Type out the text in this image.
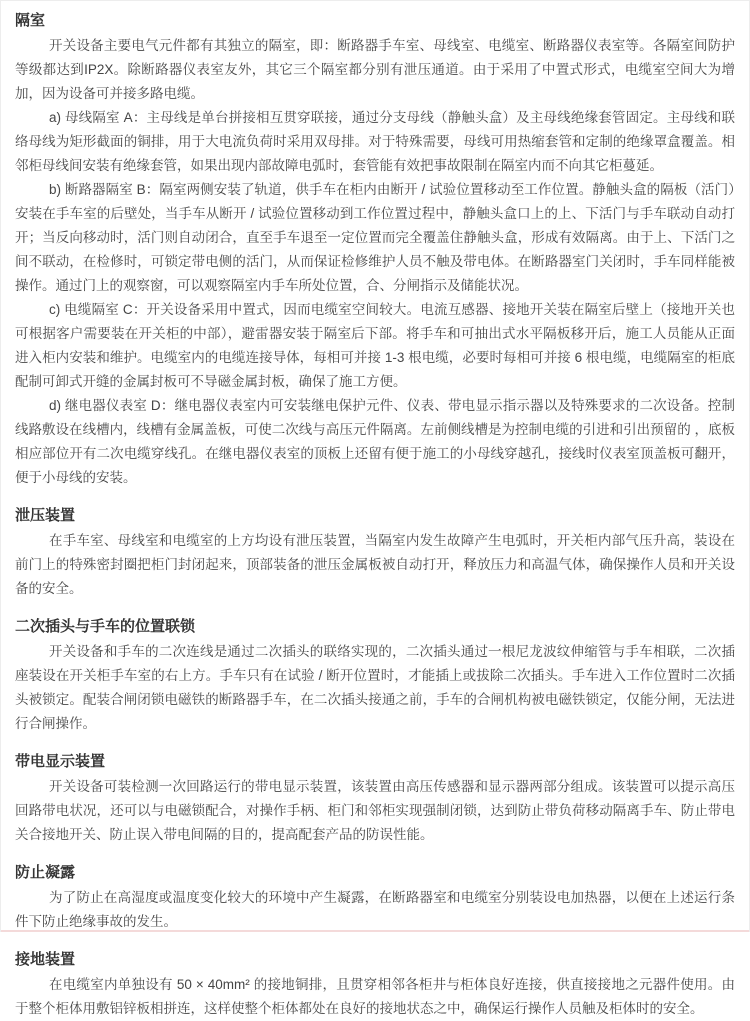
隔室

开关设备主要电气元件都有其独立的隔室，即：断路器手车室、母线室、电缆室、断路器仪表室等。各隔室间防护等级都达到IP2X。除断路器仪表室友外，其它三个隔室都分别有泄压通道。由于采用了中置式形式，电缆室空间大为增加，因为设备可并接多路电缆。

a) 母线隔室 A：主母线是单台拼接相互贯穿联接，通过分支母线（静触头盒）及主母线绝缘套管固定。主母线和联络母线为矩形截面的铜排，用于大电流负荷时采用双母排。对于特殊需要，母线可用热缩套管和定制的绝缘罩盒覆盖。相邻柜母线间安装有绝缘套管，如果出现内部故障电弧时，套管能有效把事故限制在隔室内而不向其它柜蔓延。

b) 断路器隔室 B：隔室两侧安装了轨道，供手车在柜内由断开 / 试验位置移动至工作位置。静触头盒的隔板（活门）安装在手车室的后壁处，当手车从断开 / 试验位置移动到工作位置过程中，静触头盒口上的上、下活门与手车联动自动打开；当反向移动时，活门则自动闭合，直至手车退至一定位置而完全覆盖住静触头盒，形成有效隔离。由于上、下活门之间不联动，在检修时，可锁定带电侧的活门，从而保证检修维护人员不触及带电体。在断路器室门关闭时，手车同样能被操作。通过门上的观察窗，可以观察隔室内手车所处位置，合、分闸指示及储能状况。

c) 电缆隔室 C：开关设备采用中置式，因而电缆室空间较大。电流互感器、接地开关装在隔室后壁上（接地开关也可根据客户需要装在开关柜的中部），避雷器安装于隔室后下部。将手车和可抽出式水平隔板移开后，施工人员能从正面进入柜内安装和维护。电缆室内的电缆连接导体，每相可并接 1-3 根电缆，必要时每相可并接 6 根电缆，电缆隔室的柜底配制可卸式开缝的金属封板可不导磁金属封板，确保了施工方便。

d) 继电器仪表室 D：继电器仪表室内可安装继电保护元件、仪表、带电显示指示器以及特殊要求的二次设备。控制线路敷设在线槽内，线槽有金属盖板，可使二次线与高压元件隔离。左前侧线槽是为控制电缆的引进和引出预留的 ，底板相应部位开有二次电缆穿线孔。在继电器仪表室的顶板上还留有便于施工的小母线穿越孔，接线时仪表室顶盖板可翻开，便于小母线的安装。

泄压装置

在手车室、母线室和电缆室的上方均设有泄压装置，当隔室内发生故障产生电弧时，开关柜内部气压升高，装设在前门上的特殊密封圈把柜门封闭起来，顶部装备的泄压金属板被自动打开，释放压力和高温气体，确保操作人员和开关设备的安全。

二次插头与手车的位置联锁

开关设备和手车的二次连线是通过二次插头的联络实现的，二次插头通过一根尼龙波纹伸缩管与手车相联，二次插座装设在开关柜手车室的右上方。手车只有在试验 / 断开位置时，才能插上或拔除二次插头。手车进入工作位置时二次插头被锁定。配装合闸闭锁电磁铁的断路器手车，在二次插头接通之前，手车的合闸机构被电磁铁锁定，仅能分闸，无法进行合闸操作。

带电显示装置

开关设备可装检测一次回路运行的带电显示装置，该装置由高压传感器和显示器两部分组成。该装置可以提示高压回路带电状况，还可以与电磁锁配合，对操作手柄、柜门和邻柜实现强制闭锁，达到防止带负荷移动隔离手车、防止带电关合接地开关、防止误入带电间隔的目的，提高配套产品的防误性能。

防止凝露

为了防止在高湿度或温度变化较大的环境中产生凝露，在断路器室和电缆室分别装设电加热器，以便在上述运行条件下防止绝缘事故的发生。

接地装置

在电缆室内单独设有 50 × 40mm² 的接地铜排，且贯穿相邻各柜井与柜体良好连接，供直接接地之元器件使用。由于整个柜体用敷铝锌板相拼连，这样使整个柜体都处在良好的接地状态之中，确保运行操作人员触及柜体时的安全。
